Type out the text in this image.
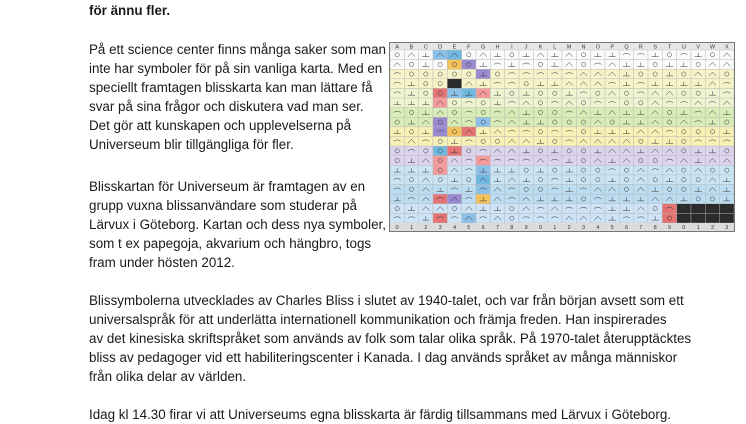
för ännu fler.

På ett science center finns många saker som man

inte har symboler för på sin vanliga karta. Med en

speciellt framtagen blisskarta kan man lättare få

svar på sina frågor och diskutera vad man ser.

Det gör att kunskapen och upplevelserna på

Universeum blir tillgängliga för fler.

Blisskartan för Universeum är framtagen av en

grupp vuxna blissanvändare som studerar på

Lärvux i Göteborg. Kartan och dess nya symboler,

som t ex papegoja, akvarium och hängbro, togs

fram under hösten 2012.

Blissymbolerna utvecklades av Charles Bliss i slutet av 1940-talet, och var från början avsett som ett

universalspråk för att underlätta internationell kommunikation och främja freden. Han inspirerades

av det kinesiska skriftspråket som används av folk som talar olika språk. På 1970-talet återupptäcktes

bliss av pedagoger vid ett habiliteringscenter i Kanada. I dag används språket av många människor

från olika delar av världen.

Idag kl 14.30 firar vi att Universeums egna blisskarta är färdig tillsammans med Lärvux i Göteborg.

A B C D E F G H I J K L M N O P Q R S T U V W X
0 1 2 3 4 5 6 7 8 9 0 1 2 3 4 5 6 7 8 9 0 1 2 3
